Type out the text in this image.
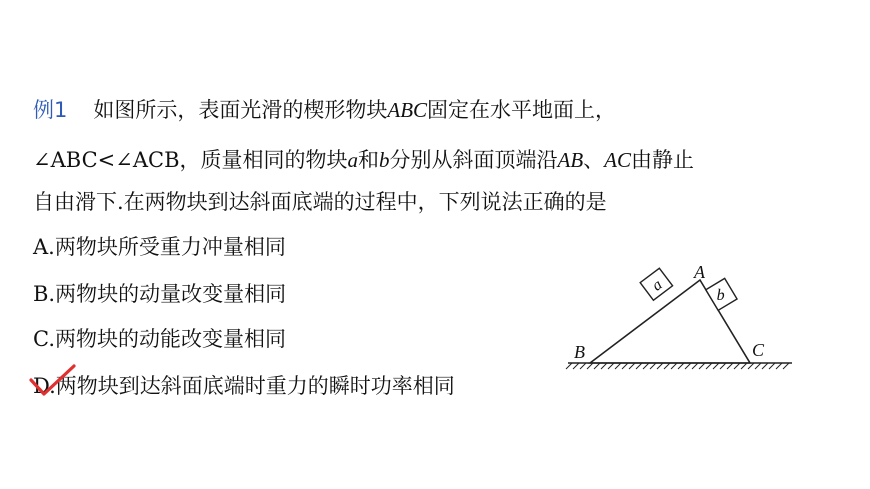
例1 如图所示，表面光滑的楔形物块ABC固定在水平地面上，
∠ABC<∠ACB，质量相同的物块a和b分别从斜面顶端沿AB、AC由静止
自由滑下.在两物块到达斜面底端的过程中，下列说法正确的是
A.两物块所受重力冲量相同
B.两物块的动量改变量相同
C.两物块的动能改变量相同
D.两物块到达斜面底端时重力的瞬时功率相同
a
b
A
B	C
